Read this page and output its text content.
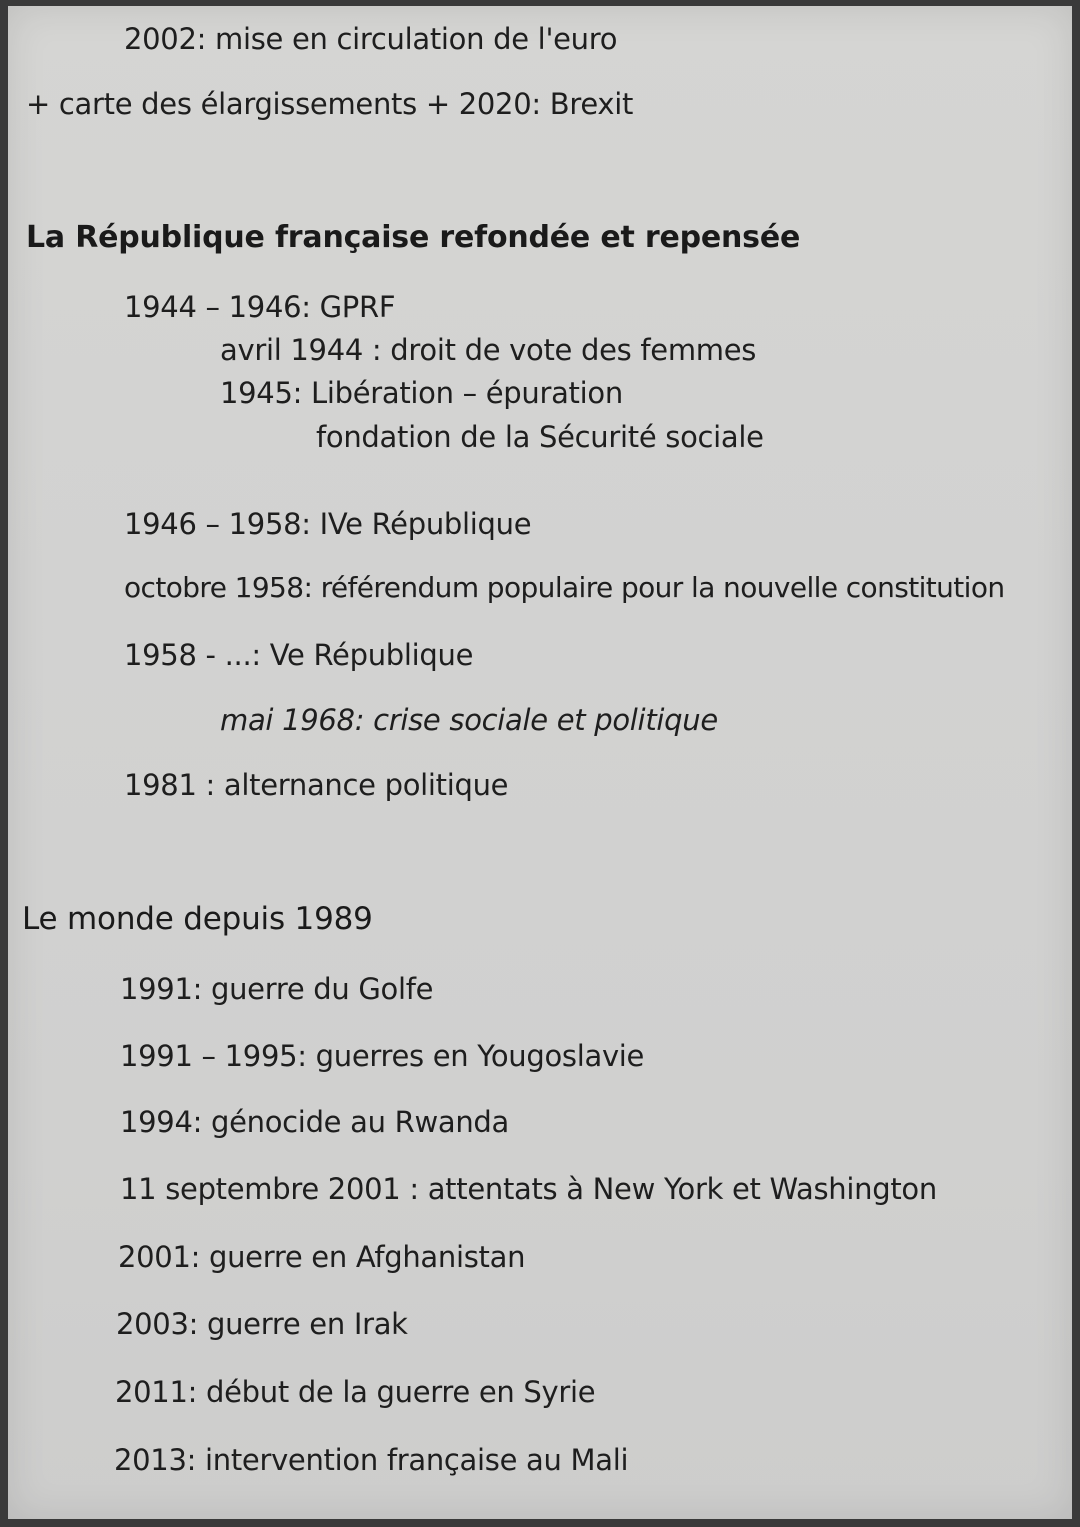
2002: mise en circulation de l'euro
+ carte des élargissements + 2020: Brexit
La République française refondée et repensée
1944 – 1946: GPRF
avril 1944 : droit de vote des femmes
1945: Libération – épuration
fondation de la Sécurité sociale
1946 – 1958: IVe République
octobre 1958: référendum populaire pour la nouvelle constitution
1958 - ...: Ve République
mai 1968: crise sociale et politique
1981 : alternance politique
Le monde depuis 1989
1991: guerre du Golfe
1991 – 1995: guerres en Yougoslavie
1994: génocide au Rwanda
11 septembre 2001 : attentats à New York et Washington
2001: guerre en Afghanistan
2003: guerre en Irak
2011: début de la guerre en Syrie
2013: intervention française au Mali
